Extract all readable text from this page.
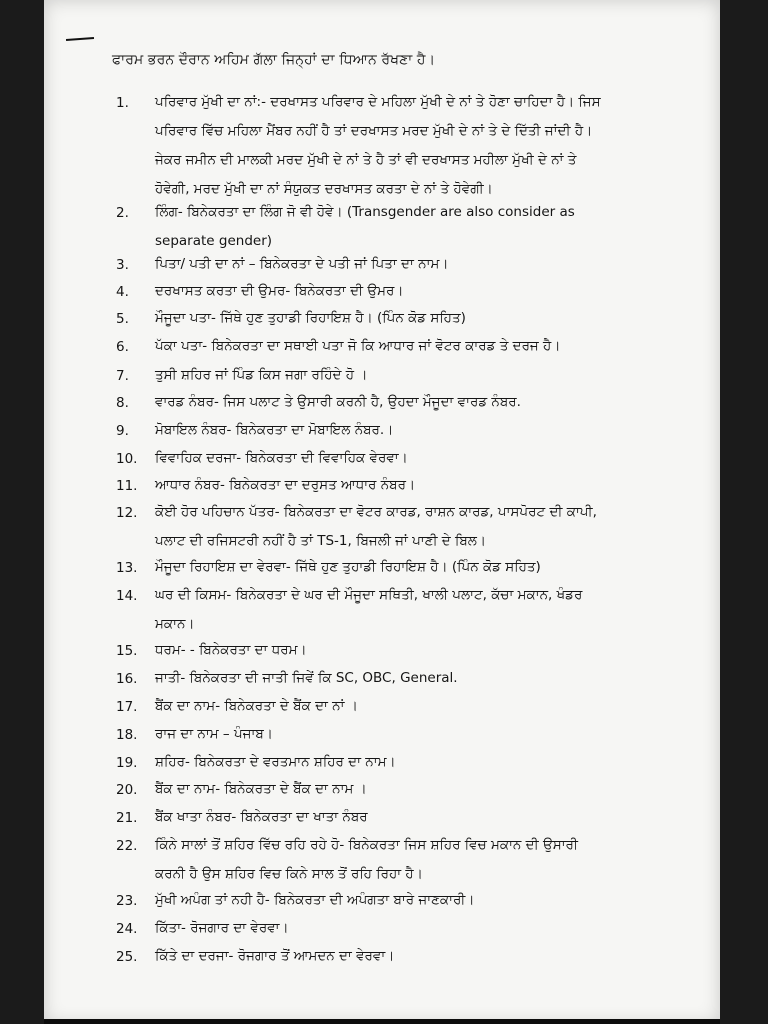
ਫਾਰਮ ਭਰਨ ਦੌਰਾਨ ਅਹਿਮ ਗੱਲਾ ਜਿਨ੍ਹਾਂ ਦਾ ਧਿਆਨ ਰੱਖਣਾ ਹੈ।
1.	ਪਰਿਵਾਰ ਮੁੱਖੀ ਦਾ ਨਾਂ:- ਦਰਖਾਸਤ ਪਰਿਵਾਰ ਦੇ ਮਹਿਲਾ ਮੁੱਖੀ ਦੇ ਨਾਂ ਤੇ ਹੋਣਾ ਚਾਹਿਦਾ ਹੈ। ਜਿਸ
ਪਰਿਵਾਰ ਵਿੱਚ ਮਹਿਲਾ ਮੈਂਬਰ ਨਹੀਂ ਹੈ ਤਾਂ ਦਰਖਾਸਤ ਮਰਦ ਮੁੱਖੀ ਦੇ ਨਾਂ ਤੇ ਦੇ ਦਿੱਤੀ ਜਾਂਦੀ ਹੈ।
ਜੇਕਰ ਜਮੀਨ ਦੀ ਮਾਲਕੀ ਮਰਦ ਮੁੱਖੀ ਦੇ ਨਾਂ ਤੇ ਹੈ ਤਾਂ ਵੀ ਦਰਖਾਸਤ ਮਹੀਲਾ ਮੁੱਖੀ ਦੇ ਨਾਂ ਤੇ
ਹੋਵੇਗੀ, ਮਰਦ ਮੁੱਖੀ ਦਾ ਨਾਂ ਸੰਯੁਕਤ ਦਰਖਾਸਤ ਕਰਤਾ ਦੇ ਨਾਂ ਤੇ ਹੋਵੇਗੀ।
2.	ਲਿੰਗ- ਬਿਨੇਕਰਤਾ ਦਾ ਲਿੰਗ ਜੋ ਵੀ ਹੋਵੇ। (Transgender are also consider as
separate gender)
3.	ਪਿਤਾ/ ਪਤੀ ਦਾ ਨਾਂ – ਬਿਨੇਕਰਤਾ ਦੇ ਪਤੀ ਜਾਂ ਪਿਤਾ ਦਾ ਨਾਮ।
4.	ਦਰਖਾਸਤ ਕਰਤਾ ਦੀ ਉਮਰ- ਬਿਨੇਕਰਤਾ ਦੀ ਉਮਰ।
5.	ਮੌਜੂਦਾ ਪਤਾ- ਜਿੱਥੇ ਹੁਣ ਤੁਹਾਡੀ ਰਿਹਾਇਸ਼ ਹੈ। (ਪਿੰਨ ਕੋਡ ਸਹਿਤ)
6.	ਪੱਕਾ ਪਤਾ- ਬਿਨੇਕਰਤਾ ਦਾ ਸਥਾਈ ਪਤਾ ਜੋ ਕਿ ਆਧਾਰ ਜਾਂ ਵੋਟਰ ਕਾਰਡ ਤੇ ਦਰਜ ਹੈ।
7.	ਤੁਸੀ ਸ਼ਹਿਰ ਜਾਂ ਪਿੰਡ ਕਿਸ ਜਗਾ ਰਹਿੰਦੇ ਹੋ ।
8.	ਵਾਰਡ ਨੰਬਰ- ਜਿਸ ਪਲਾਟ ਤੇ ਉਸਾਰੀ ਕਰਨੀ ਹੈ, ਉਹਦਾ ਮੌਜੂਦਾ ਵਾਰਡ ਨੰਬਰ.
9.	ਮੋਬਾਇਲ ਨੰਬਰ- ਬਿਨੇਕਰਤਾ ਦਾ ਮੋਬਾਇਲ ਨੰਬਰ.।
10.	ਵਿਵਾਹਿਕ ਦਰਜਾ- ਬਿਨੇਕਰਤਾ ਦੀ ਵਿਵਾਹਿਕ ਵੇਰਵਾ।
11.	ਆਧਾਰ ਨੰਬਰ- ਬਿਨੇਕਰਤਾ ਦਾ ਦਰੁਸਤ ਆਧਾਰ ਨੰਬਰ।
12.	ਕੋਈ ਹੋਰ ਪਹਿਚਾਨ ਪੱਤਰ- ਬਿਨੇਕਰਤਾ ਦਾ ਵੋਟਰ ਕਾਰਡ, ਰਾਸ਼ਨ ਕਾਰਡ, ਪਾਸਪੋਰਟ ਦੀ ਕਾਪੀ,
ਪਲਾਟ ਦੀ ਰਜਿਸਟਰੀ ਨਹੀਂ ਹੈ ਤਾਂ TS-1, ਬਿਜਲੀ ਜਾਂ ਪਾਣੀ ਦੇ ਬਿਲ।
13.	ਮੌਜੂਦਾ ਰਿਹਾਇਸ਼ ਦਾ ਵੇਰਵਾ- ਜਿੱਥੇ ਹੁਣ ਤੁਹਾਡੀ ਰਿਹਾਇਸ਼ ਹੈ। (ਪਿੰਨ ਕੋਡ ਸਹਿਤ)
14.	ਘਰ ਦੀ ਕਿਸਮ- ਬਿਨੇਕਰਤਾ ਦੇ ਘਰ ਦੀ ਮੌਜੂਦਾ ਸਥਿਤੀ, ਖਾਲੀ ਪਲਾਟ, ਕੱਚਾ ਮਕਾਨ, ਖੰਡਰ
ਮਕਾਨ।
15.	ਧਰਮ- - ਬਿਨੇਕਰਤਾ ਦਾ ਧਰਮ।
16.	ਜਾਤੀ- ਬਿਨੇਕਰਤਾ ਦੀ ਜਾਤੀ ਜਿਵੇਂ ਕਿ SC, OBC, General.
17.	ਬੈਂਕ ਦਾ ਨਾਮ- ਬਿਨੇਕਰਤਾ ਦੇ ਬੈਂਕ ਦਾ ਨਾਂ ।
18.	ਰਾਜ ਦਾ ਨਾਮ – ਪੰਜਾਬ।
19.	ਸ਼ਹਿਰ- ਬਿਨੇਕਰਤਾ ਦੇ ਵਰਤਮਾਨ ਸ਼ਹਿਰ ਦਾ ਨਾਮ।
20.	ਬੈਂਕ ਦਾ ਨਾਮ- ਬਿਨੇਕਰਤਾ ਦੇ ਬੈਂਕ ਦਾ ਨਾਮ ।
21.	ਬੈਂਕ ਖਾਤਾ ਨੰਬਰ- ਬਿਨੇਕਰਤਾ ਦਾ ਖਾਤਾ ਨੰਬਰ
22.	ਕਿੰਨੇ ਸਾਲਾਂ ਤੋਂ ਸ਼ਹਿਰ ਵਿੱਚ ਰਹਿ ਰਹੇ ਹੋ- ਬਿਨੇਕਰਤਾ ਜਿਸ ਸ਼ਹਿਰ ਵਿਚ ਮਕਾਨ ਦੀ ਉਸਾਰੀ
ਕਰਨੀ ਹੈ ਉਸ ਸ਼ਹਿਰ ਵਿਚ ਕਿਨੇ ਸਾਲ ਤੋਂ ਰਹਿ ਰਿਹਾ ਹੈ।
23.	ਮੁੱਖੀ ਅਪੰਗ ਤਾਂ ਨਹੀ ਹੈ- ਬਿਨੇਕਰਤਾ ਦੀ ਅਪੰਗਤਾ ਬਾਰੇ ਜਾਣਕਾਰੀ।
24.	ਕਿੱਤਾ- ਰੋਜਗਾਰ ਦਾ ਵੇਰਵਾ।
25.	ਕਿੱਤੇ ਦਾ ਦਰਜਾ- ਰੋਜਗਾਰ ਤੋਂ ਆਮਦਨ ਦਾ ਵੇਰਵਾ।
